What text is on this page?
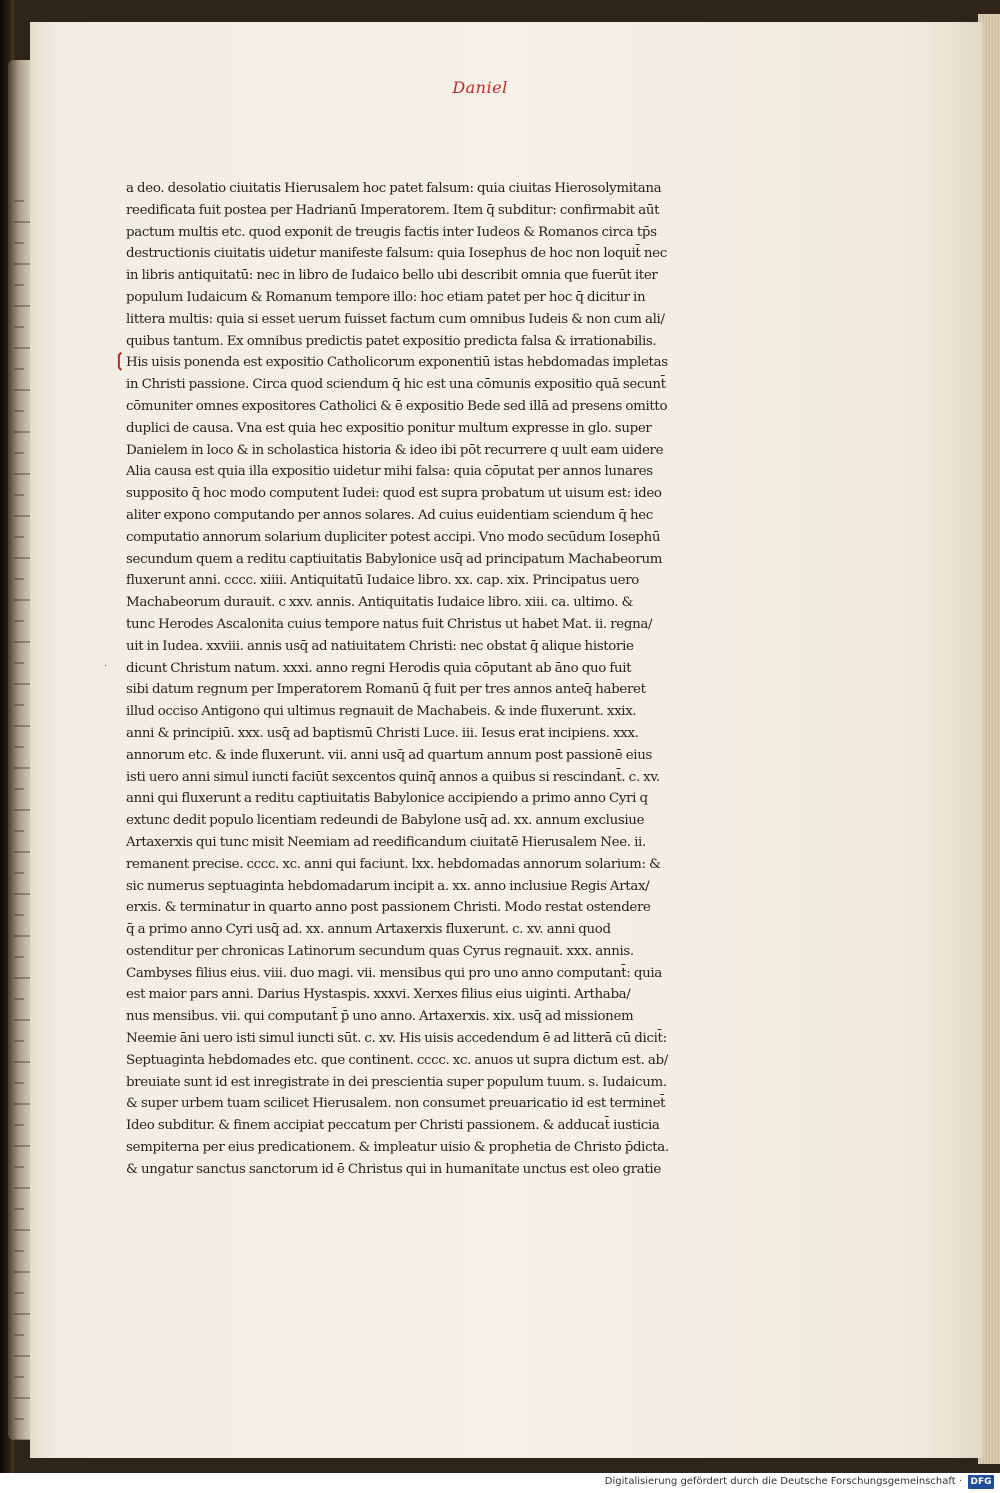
Daniel
❲
·
a deo. desolatio ciuitatis Hierusalem hoc patet falsum: quia ciuitas Hierosolymitana
reedificata fuit postea per Hadrianū Imperatorem. Item q̄ subditur: confirmabit aūt
pactum multis etc. quod exponit de treugis factis inter Iudeos & Romanos circa tp̄s
destructionis ciuitatis uidetur manifeste falsum: quia Iosephus de hoc non loquit̄ nec
in libris antiquitatū: nec in libro de Iudaico bello ubi describit omnia que fuerūt iter
populum Iudaicum & Romanum tempore illo: hoc etiam patet per hoc q̄ dicitur in
littera multis: quia si esset uerum fuisset factum cum omnibus Iudeis & non cum ali/
quibus tantum. Ex omnibus predictis patet expositio predicta falsa & irrationabilis.
His uisis ponenda est expositio Catholicorum exponentiū istas hebdomadas impletas
in Christi passione. Circa quod sciendum q̄ hic est una cōmunis expositio quā secunt̄
cōmuniter omnes expositores Catholici & ē expositio Bede sed illā ad presens omitto
duplici de causa. Vna est quia hec expositio ponitur multum expresse in glo. super
Danielem in loco & in scholastica historia & ideo ibi pōt recurrere q uult eam uidere
Alia causa est quia illa expositio uidetur mihi falsa: quia cōputat per annos lunares
supposito q̄ hoc modo computent Iudei: quod est supra probatum ut uisum est: ideo
aliter expono computando per annos solares. Ad cuius euidentiam sciendum q̄ hec
computatio annorum solarium dupliciter potest accipi. Vno modo secūdum Iosephū
secundum quem a reditu captiuitatis Babylonice usq̄ ad principatum Machabeorum
fluxerunt anni. cccc. xiiii. Antiquitatū Iudaice libro. xx. cap. xix. Principatus uero
Machabeorum durauit. c xxv. annis. Antiquitatis Iudaice libro. xiii. ca. ultimo. &
tunc Herodes Ascalonita cuius tempore natus fuit Christus ut habet Mat. ii. regna/
uit in Iudea. xxviii. annis usq̄ ad natiuitatem Christi: nec obstat q̄ alique historie
dicunt Christum natum. xxxi. anno regni Herodis quia cōputant ab āno quo fuit
sibi datum regnum per Imperatorem Romanū q̄ fuit per tres annos anteq̄ haberet
illud occiso Antigono qui ultimus regnauit de Machabeis. & inde fluxerunt. xxix.
anni & principiū. xxx. usq̄ ad baptismū Christi Luce. iii. Iesus erat incipiens. xxx.
annorum etc. & inde fluxerunt. vii. anni usq̄ ad quartum annum post passionē eius
isti uero anni simul iuncti faciūt sexcentos quinq̄ annos a quibus si rescindant̄. c. xv.
anni qui fluxerunt a reditu captiuitatis Babylonice accipiendo a primo anno Cyri q
extunc dedit populo licentiam redeundi de Babylone usq̄ ad. xx. annum exclusiue
Artaxerxis qui tunc misit Neemiam ad reedificandum ciuitatē Hierusalem Nee. ii.
remanent precise. cccc. xc. anni qui faciunt. lxx. hebdomadas annorum solarium: &
sic numerus septuaginta hebdomadarum incipit a. xx. anno inclusiue Regis Artax/
erxis. & terminatur in quarto anno post passionem Christi. Modo restat ostendere
q̄ a primo anno Cyri usq̄ ad. xx. annum Artaxerxis fluxerunt. c. xv. anni quod
ostenditur per chronicas Latinorum secundum quas Cyrus regnauit. xxx. annis.
Cambyses filius eius. viii. duo magi. vii. mensibus qui pro uno anno computant̄: quia
est maior pars anni. Darius Hystaspis. xxxvi. Xerxes filius eius uiginti. Arthaba/
nus mensibus. vii. qui computant̄ p̄ uno anno. Artaxerxis. xix. usq̄ ad missionem
Neemie āni uero isti simul iuncti sūt. c. xv. His uisis accedendum ē ad litterā cū dicit̄:
Septuaginta hebdomades etc. que continent. cccc. xc. anuos ut supra dictum est. ab/
breuiate sunt id est inregistrate in dei prescientia super populum tuum. s. Iudaicum.
& super urbem tuam scilicet Hierusalem. non consumet preuaricatio id est terminet̄
Ideo subditur. & finem accipiat peccatum per Christi passionem. & adducat̄ iusticia
sempiterna per eius predicationem. & impleatur uisio & prophetia de Christo p̄dicta.
& ungatur sanctus sanctorum id ē Christus qui in humanitate unctus est oleo gratie
Digitalisierung gefördert durch die Deutsche Forschungsgemeinschaft · DFG
